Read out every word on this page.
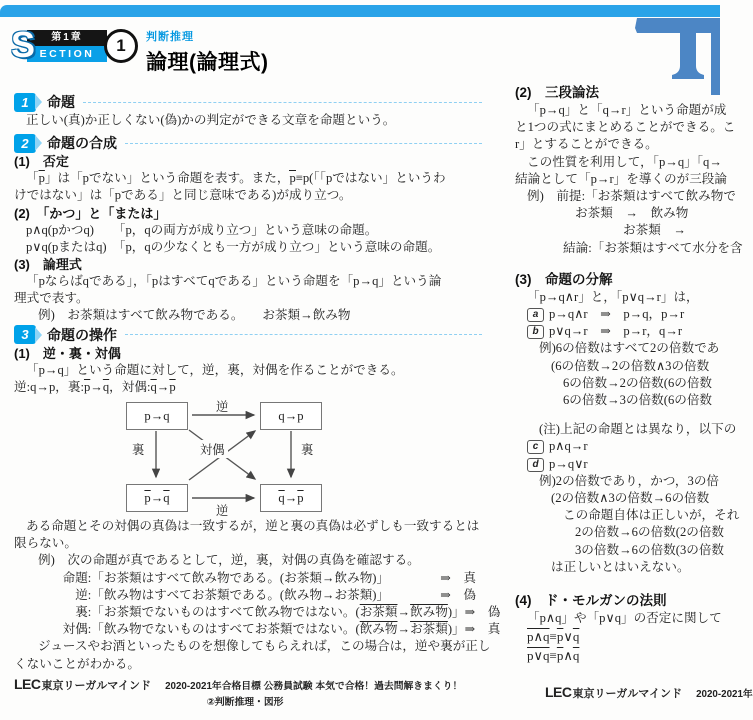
第1章
ECTION
S	1	判断推理
論理(論理式)
1	命題
正しい(真)か正しくない(偽)かの判定ができる文章を命題という。
2	命題の合成
(1)　否定
「$\overline{p}$」は「pでない」という命題を表す。また，$\overline{p}\equiv p$(「「pではない」というわ
けではない」は「pである」と同じ意味である)が成り立つ。
(2)　「かつ」と「または」
p∧q(pかつq)　　「p，qの両方が成り立つ」という意味の命題。
p∨q(pまたはq)　「p，qの少なくとも一方が成り立つ」という意味の命題。
(3)　論理式
「pならばqである」，「pはすべてqである」という命題を「p→q」という論
理式で表す。
例)　お茶類はすべて飲み物である。　　お茶類→飲み物
3	命題の操作
(1)　逆・裏・対偶
「p→q」という命題に対して，逆，裏，対偶を作ることができる。
逆:q→p，裏$:\overline{p}\to\overline{q}$，対偶$:\overline{q}\to\overline{p}$
p→q	q→p
$\overline{p} \to \overline{q}$	$\overline{q} \to \overline{p}$
逆
裏	対偶	裏
逆
ある命題とその対偶の真偽は一致するが，逆と裏の真偽は必ずしも一致するとは
限らない。
例)　次の命題が真であるとして，逆，裏，対偶の真偽を確認する。
　命題:「お茶類はすべて飲み物である。(お茶類→飲み物)」	⇒　真
　　逆:「飲み物はすべてお茶類である。(飲み物→お茶類)」	⇒　偽
　　裏:「お茶類でないものはすべて飲み物ではない。( お茶類 → 飲み物 )」 ⇒　偽
　対偶:「飲み物でないものはすべてお茶類ではない。( 飲み物 → お茶類 )」 ⇒　真
ジュースやお酒といったものを想像してもらえれば，この場合は，逆や裏が正し
くないことがわかる。
(2)　三段論法
「p→q」と「q→r」という命題が成
と1つの式にまとめることができる。こ
r」とすることができる。
この性質を利用して，「p→q」「q→
結論として「p→r」を導くのが三段論
例)　前提:「お茶類はすべて飲み物で
お茶類　→　飲み物
お茶類　→
結論:「お茶類はすべて水分を含
(3)　命題の分解
「p→q∧r」と，「p∨q→r」は，
a p→q∧r　⇒　p→q，p→r
b p∨q→r　⇒　p→r，q→r
例)6の倍数はすべて2の倍数であ
(6の倍数→2の倍数∧3の倍数
6の倍数→2の倍数(6の倍数
6の倍数→3の倍数(6の倍数
(注)上記の命題とは異なり，以下の
c p∧q→r
d p→q∨r
例)2の倍数であり，かつ，3の倍
(2の倍数∧3の倍数→6の倍数
この命題自体は正しいが，それ
2の倍数→6の倍数(2の倍数
3の倍数→6の倍数(3の倍数
は正しいとはいえない。
(4)　ド・モルガンの法則
「p∧q」や「p∨q」の否定に関して
$p\wedge q\equiv\overline{p}\vee\overline{q}$
$p\vee q\equiv\overline{p}\wedge\overline{q}$
LEC 東京リーガルマインド 2020-2021年合格目標 公務員試験 本気で合格！過去問解きまくり！
②判断推理・図形
LEC 東京リーガルマインド 2020-2021年
